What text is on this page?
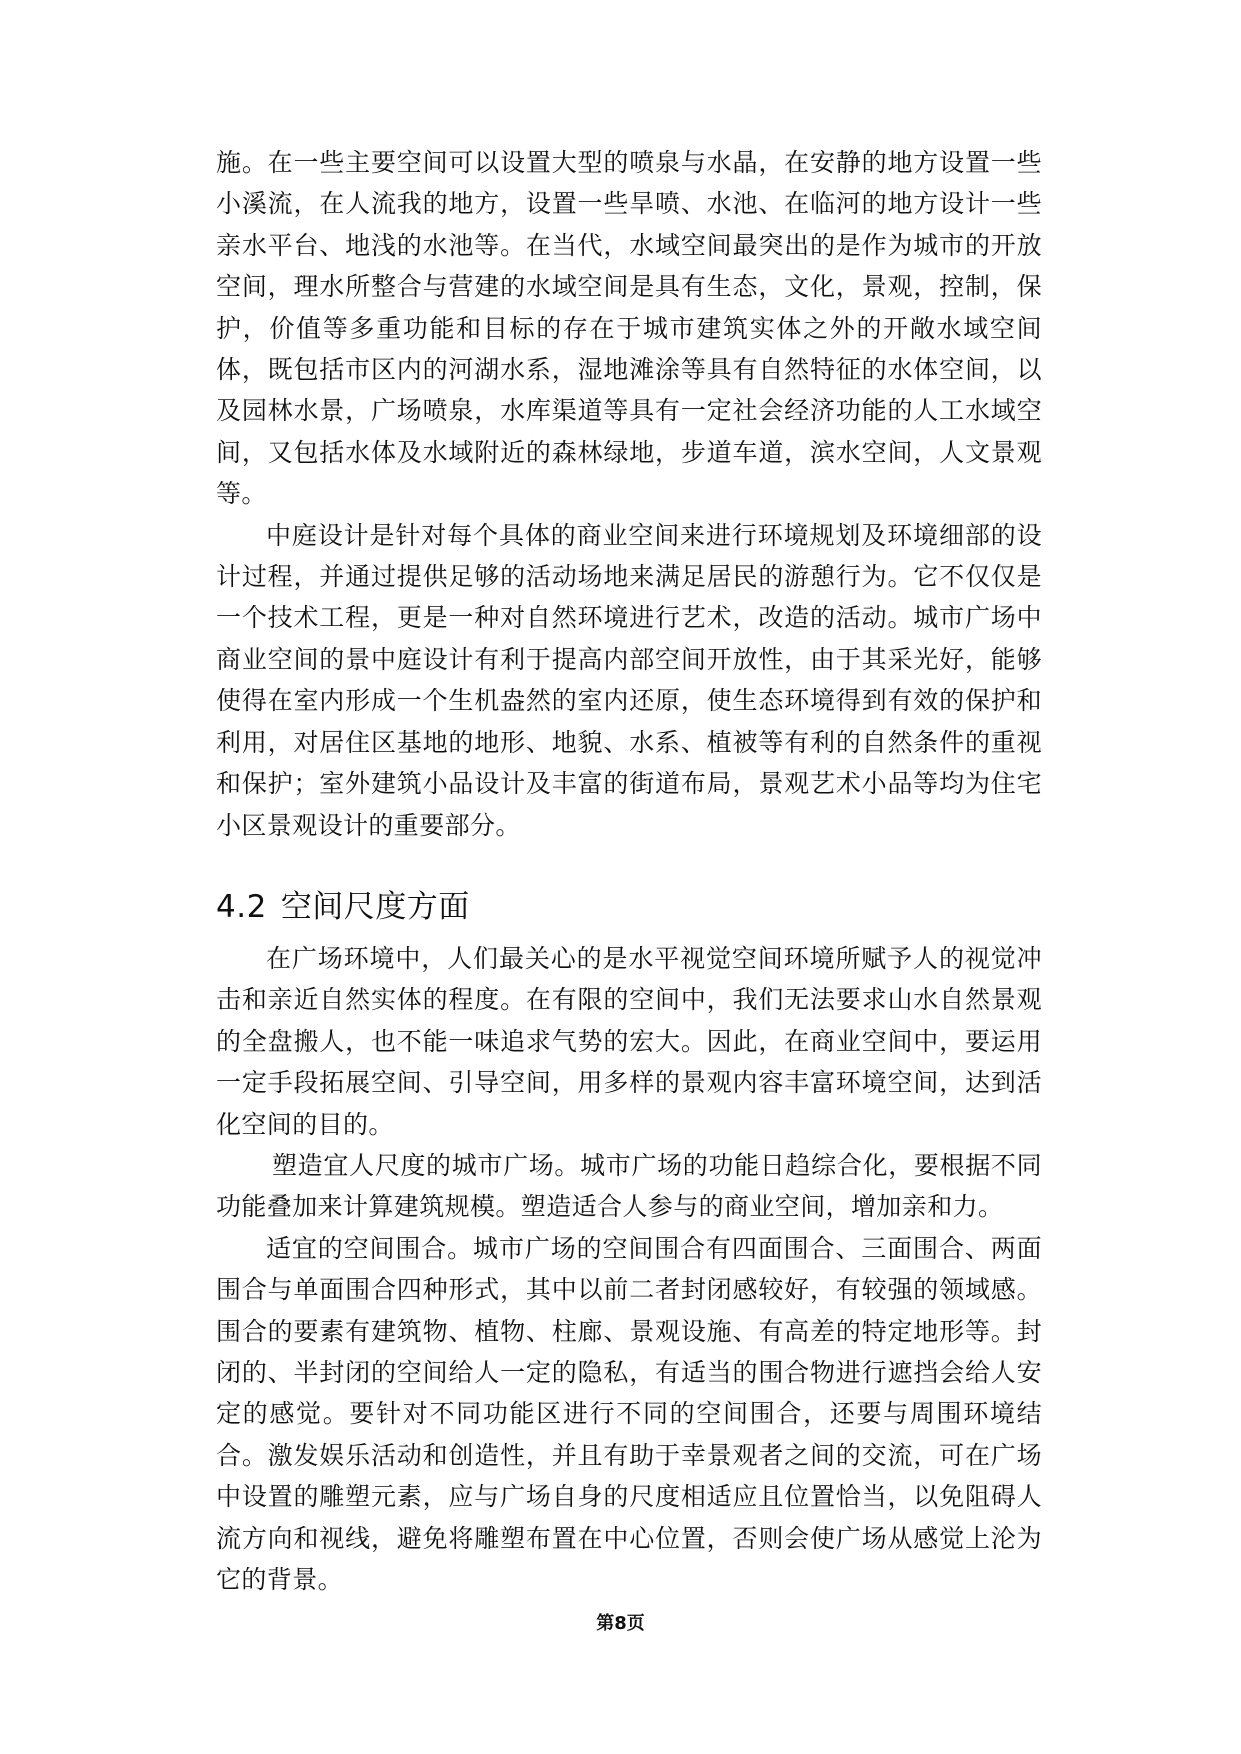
施。在一些主要空间可以设置大型的喷泉与水晶，在安静的地方设置一些小溪流，在人流我的地方，设置一些旱喷、水池、在临河的地方设计一些亲水平台、地浅的水池等。在当代，水域空间最突出的是作为城市的开放空间，理水所整合与营建的水域空间是具有生态，文化，景观，控制，保护，价值等多重功能和目标的存在于城市建筑实体之外的开敞水域空间体，既包括市区内的河湖水系，湿地滩涂等具有自然特征的水体空间，以及园林水景，广场喷泉，水库渠道等具有一定社会经济功能的人工水域空间，又包括水体及水域附近的森林绿地，步道车道，滨水空间，人文景观等。

中庭设计是针对每个具体的商业空间来进行环境规划及环境细部的设计过程，并通过提供足够的活动场地来满足居民的游憩行为。它不仅仅是一个技术工程，更是一种对自然环境进行艺术，改造的活动。城市广场中商业空间的景中庭设计有利于提高内部空间开放性，由于其采光好，能够使得在室内形成一个生机盎然的室内还原，使生态环境得到有效的保护和利用，对居住区基地的地形、地貌、水系、植被等有利的自然条件的重视和保护；室外建筑小品设计及丰富的街道布局，景观艺术小品等均为住宅小区景观设计的重要部分。

4.2 空间尺度方面

在广场环境中，人们最关心的是水平视觉空间环境所赋予人的视觉冲击和亲近自然实体的程度。在有限的空间中，我们无法要求山水自然景观的全盘搬人，也不能一味追求气势的宏大。因此，在商业空间中，要运用一定手段拓展空间、引导空间，用多样的景观内容丰富环境空间，达到活化空间的目的。

塑造宜人尺度的城市广场。城市广场的功能日趋综合化，要根据不同功能叠加来计算建筑规模。塑造适合人参与的商业空间，增加亲和力。

适宜的空间围合。城市广场的空间围合有四面围合、三面围合、两面围合与单面围合四种形式，其中以前二者封闭感较好，有较强的领域感。围合的要素有建筑物、植物、柱廊、景观设施、有高差的特定地形等。封闭的、半封闭的空间给人一定的隐私，有适当的围合物进行遮挡会给人安定的感觉。要针对不同功能区进行不同的空间围合，还要与周围环境结合。激发娱乐活动和创造性，并且有助于幸景观者之间的交流，可在广场中设置的雕塑元素，应与广场自身的尺度相适应且位置恰当，以免阻碍人流方向和视线，避免将雕塑布置在中心位置，否则会使广场从感觉上沦为它的背景。

第8页
